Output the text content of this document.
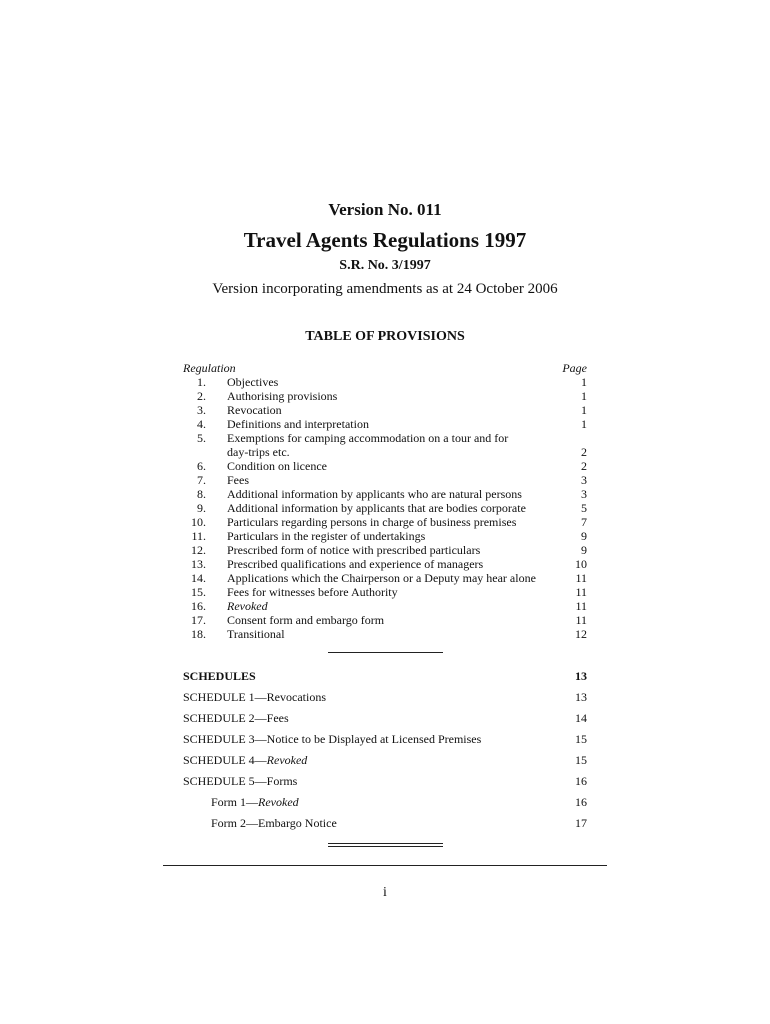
Version No. 011
Travel Agents Regulations 1997
S.R. No. 3/1997
Version incorporating amendments as at 24 October 2006
TABLE OF PROVISIONS
Regulation	Page
1. Objectives	1
2. Authorising provisions	1
3. Revocation	1
4. Definitions and interpretation	1
5. Exemptions for camping accommodation on a tour and for day-trips etc.	2
6. Condition on licence	2
7. Fees	3
8. Additional information by applicants who are natural persons	3
9. Additional information by applicants that are bodies corporate	5
10. Particulars regarding persons in charge of business premises	7
11. Particulars in the register of undertakings	9
12. Prescribed form of notice with prescribed particulars	9
13. Prescribed qualifications and experience of managers	10
14. Applications which the Chairperson or a Deputy may hear alone	11
15. Fees for witnesses before Authority	11
16. Revoked	11
17. Consent form and embargo form	11
18. Transitional	12
SCHEDULES	13
SCHEDULE 1—Revocations	13
SCHEDULE 2—Fees	14
SCHEDULE 3—Notice to be Displayed at Licensed Premises	15
SCHEDULE 4—Revoked	15
SCHEDULE 5—Forms	16
Form 1—Revoked	16
Form 2—Embargo Notice	17
i
